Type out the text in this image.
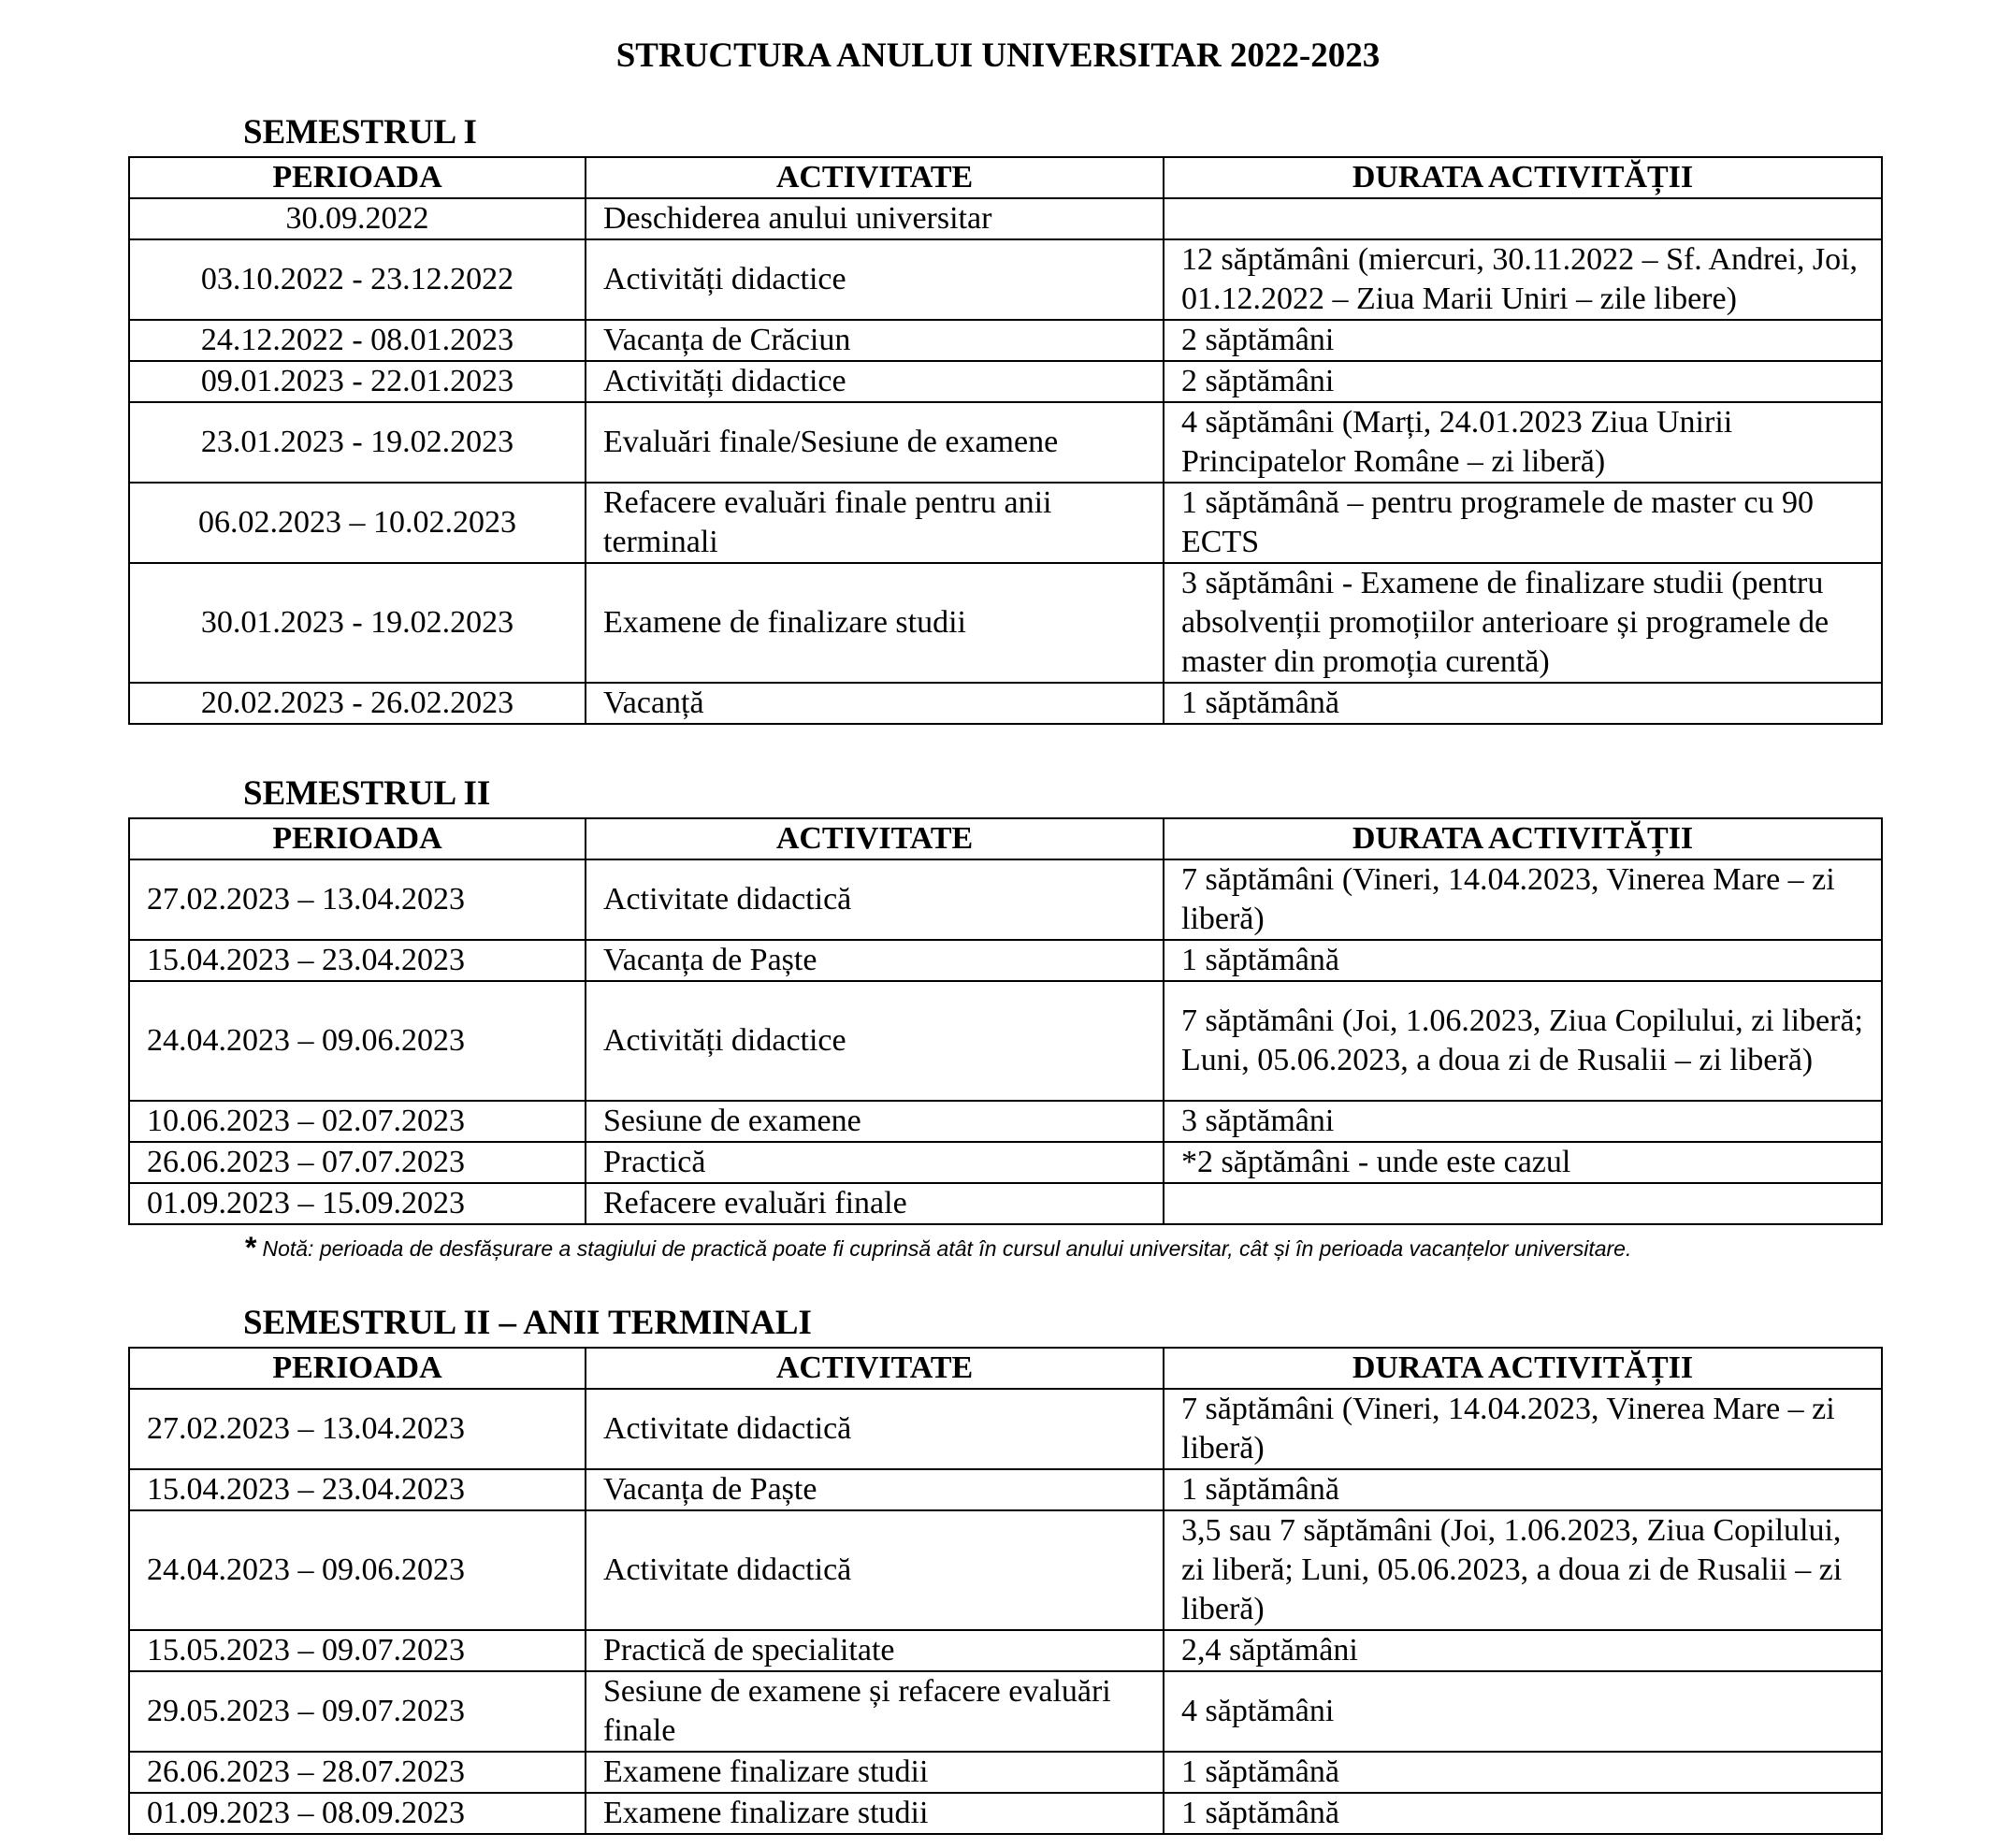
STRUCTURA ANULUI UNIVERSITAR 2022-2023
SEMESTRUL I
PERIOADA	ACTIVITATE	DURATA ACTIVITĂȚII
30.09.2022	Deschiderea anului universitar	
03.10.2022 - 23.12.2022	Activități didactice	12 săptămâni (miercuri, 30.11.2022 – Sf. Andrei, Joi, 01.12.2022 – Ziua Marii Uniri – zile libere)
24.12.2022 - 08.01.2023	Vacanța de Crăciun	2 săptămâni
09.01.2023 - 22.01.2023	Activități didactice	2 săptămâni
23.01.2023 - 19.02.2023	Evaluări finale/Sesiune de examene	4 săptămâni (Marți, 24.01.2023 Ziua Unirii Principatelor Române – zi liberă)
06.02.2023 – 10.02.2023	Refacere evaluări finale pentru anii terminali	1 săptămână – pentru programele de master cu 90 ECTS
30.01.2023 - 19.02.2023	Examene de finalizare studii	3 săptămâni - Examene de finalizare studii (pentru absolvenții promoțiilor anterioare și programele de master din promoția curentă)
20.02.2023 - 26.02.2023	Vacanță	1 săptămână
SEMESTRUL II
PERIOADA	ACTIVITATE	DURATA ACTIVITĂȚII
27.02.2023 – 13.04.2023	Activitate didactică	7 săptămâni (Vineri, 14.04.2023, Vinerea Mare – zi liberă)
15.04.2023 – 23.04.2023	Vacanța de Paște	1 săptămână
24.04.2023 – 09.06.2023	Activități didactice	7 săptămâni (Joi, 1.06.2023, Ziua Copilului, zi liberă; Luni, 05.06.2023, a doua zi de Rusalii – zi liberă)
10.06.2023 – 02.07.2023	Sesiune de examene	3 săptămâni
26.06.2023 – 07.07.2023	Practică	*2 săptămâni - unde este cazul
01.09.2023 – 15.09.2023	Refacere evaluări finale	
* Notă: perioada de desfășurare a stagiului de practică poate fi cuprinsă atât în cursul anului universitar, cât și în perioada vacanțelor universitare.
SEMESTRUL II – ANII TERMINALI
PERIOADA	ACTIVITATE	DURATA ACTIVITĂȚII
27.02.2023 – 13.04.2023	Activitate didactică	7 săptămâni (Vineri, 14.04.2023, Vinerea Mare – zi liberă)
15.04.2023 – 23.04.2023	Vacanța de Paște	1 săptămână
24.04.2023 – 09.06.2023	Activitate didactică	3,5 sau 7 săptămâni (Joi, 1.06.2023, Ziua Copilului, zi liberă; Luni, 05.06.2023, a doua zi de Rusalii – zi liberă)
15.05.2023 – 09.07.2023	Practică de specialitate	2,4 săptămâni
29.05.2023 – 09.07.2023	Sesiune de examene și refacere evaluări finale	4 săptămâni
26.06.2023 – 28.07.2023	Examene finalizare studii	1 săptămână
01.09.2023 – 08.09.2023	Examene finalizare studii	1 săptămână
